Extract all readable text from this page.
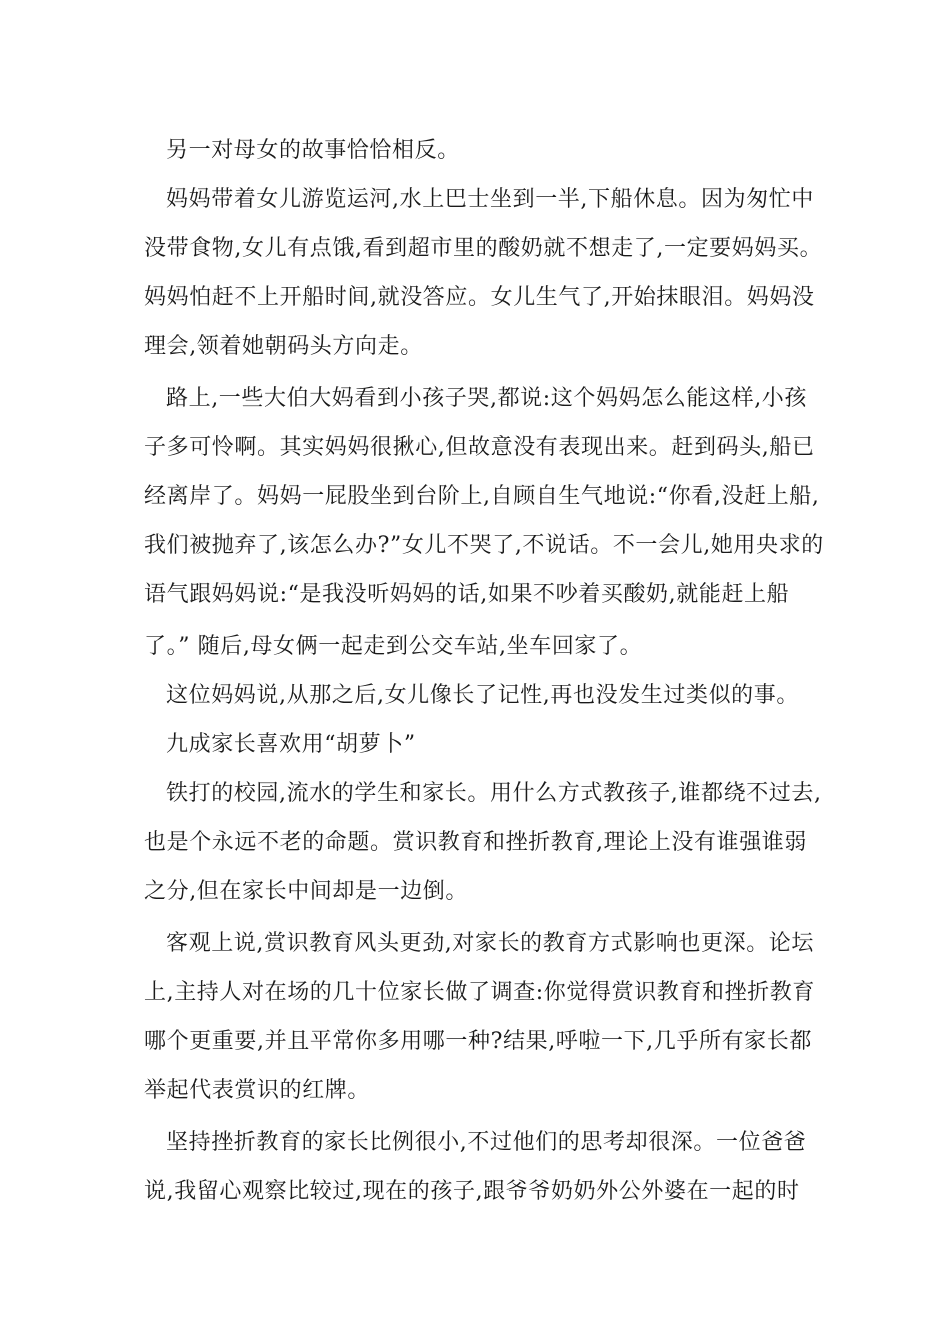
另一对母女的故事恰恰相反。
妈妈带着女儿游览运河,水上巴士坐到一半,下船休息。因为匆忙中
没带食物,女儿有点饿,看到超市里的酸奶就不想走了,一定要妈妈买。
妈妈怕赶不上开船时间,就没答应。女儿生气了,开始抹眼泪。妈妈没
理会,领着她朝码头方向走。
路上,一些大伯大妈看到小孩子哭,都说:这个妈妈怎么能这样,小孩
子多可怜啊。其实妈妈很揪心,但故意没有表现出来。赶到码头,船已
经离岸了。妈妈一屁股坐到台阶上,自顾自生气地说:“你看,没赶上船,
我们被抛弃了,该怎么办?”女儿不哭了,不说话。不一会儿,她用央求的
语气跟妈妈说:“是我没听妈妈的话,如果不吵着买酸奶,就能赶上船
了。” 随后,母女俩一起走到公交车站,坐车回家了。
这位妈妈说,从那之后,女儿像长了记性,再也没发生过类似的事。
九成家长喜欢用“胡萝卜”
铁打的校园,流水的学生和家长。用什么方式教孩子,谁都绕不过去,
也是个永远不老的命题。赏识教育和挫折教育,理论上没有谁强谁弱
之分,但在家长中间却是一边倒。
客观上说,赏识教育风头更劲,对家长的教育方式影响也更深。论坛
上,主持人对在场的几十位家长做了调查:你觉得赏识教育和挫折教育
哪个更重要,并且平常你多用哪一种?结果,呼啦一下,几乎所有家长都
举起代表赏识的红牌。
坚持挫折教育的家长比例很小,不过他们的思考却很深。一位爸爸
说,我留心观察比较过,现在的孩子,跟爷爷奶奶外公外婆在一起的时
